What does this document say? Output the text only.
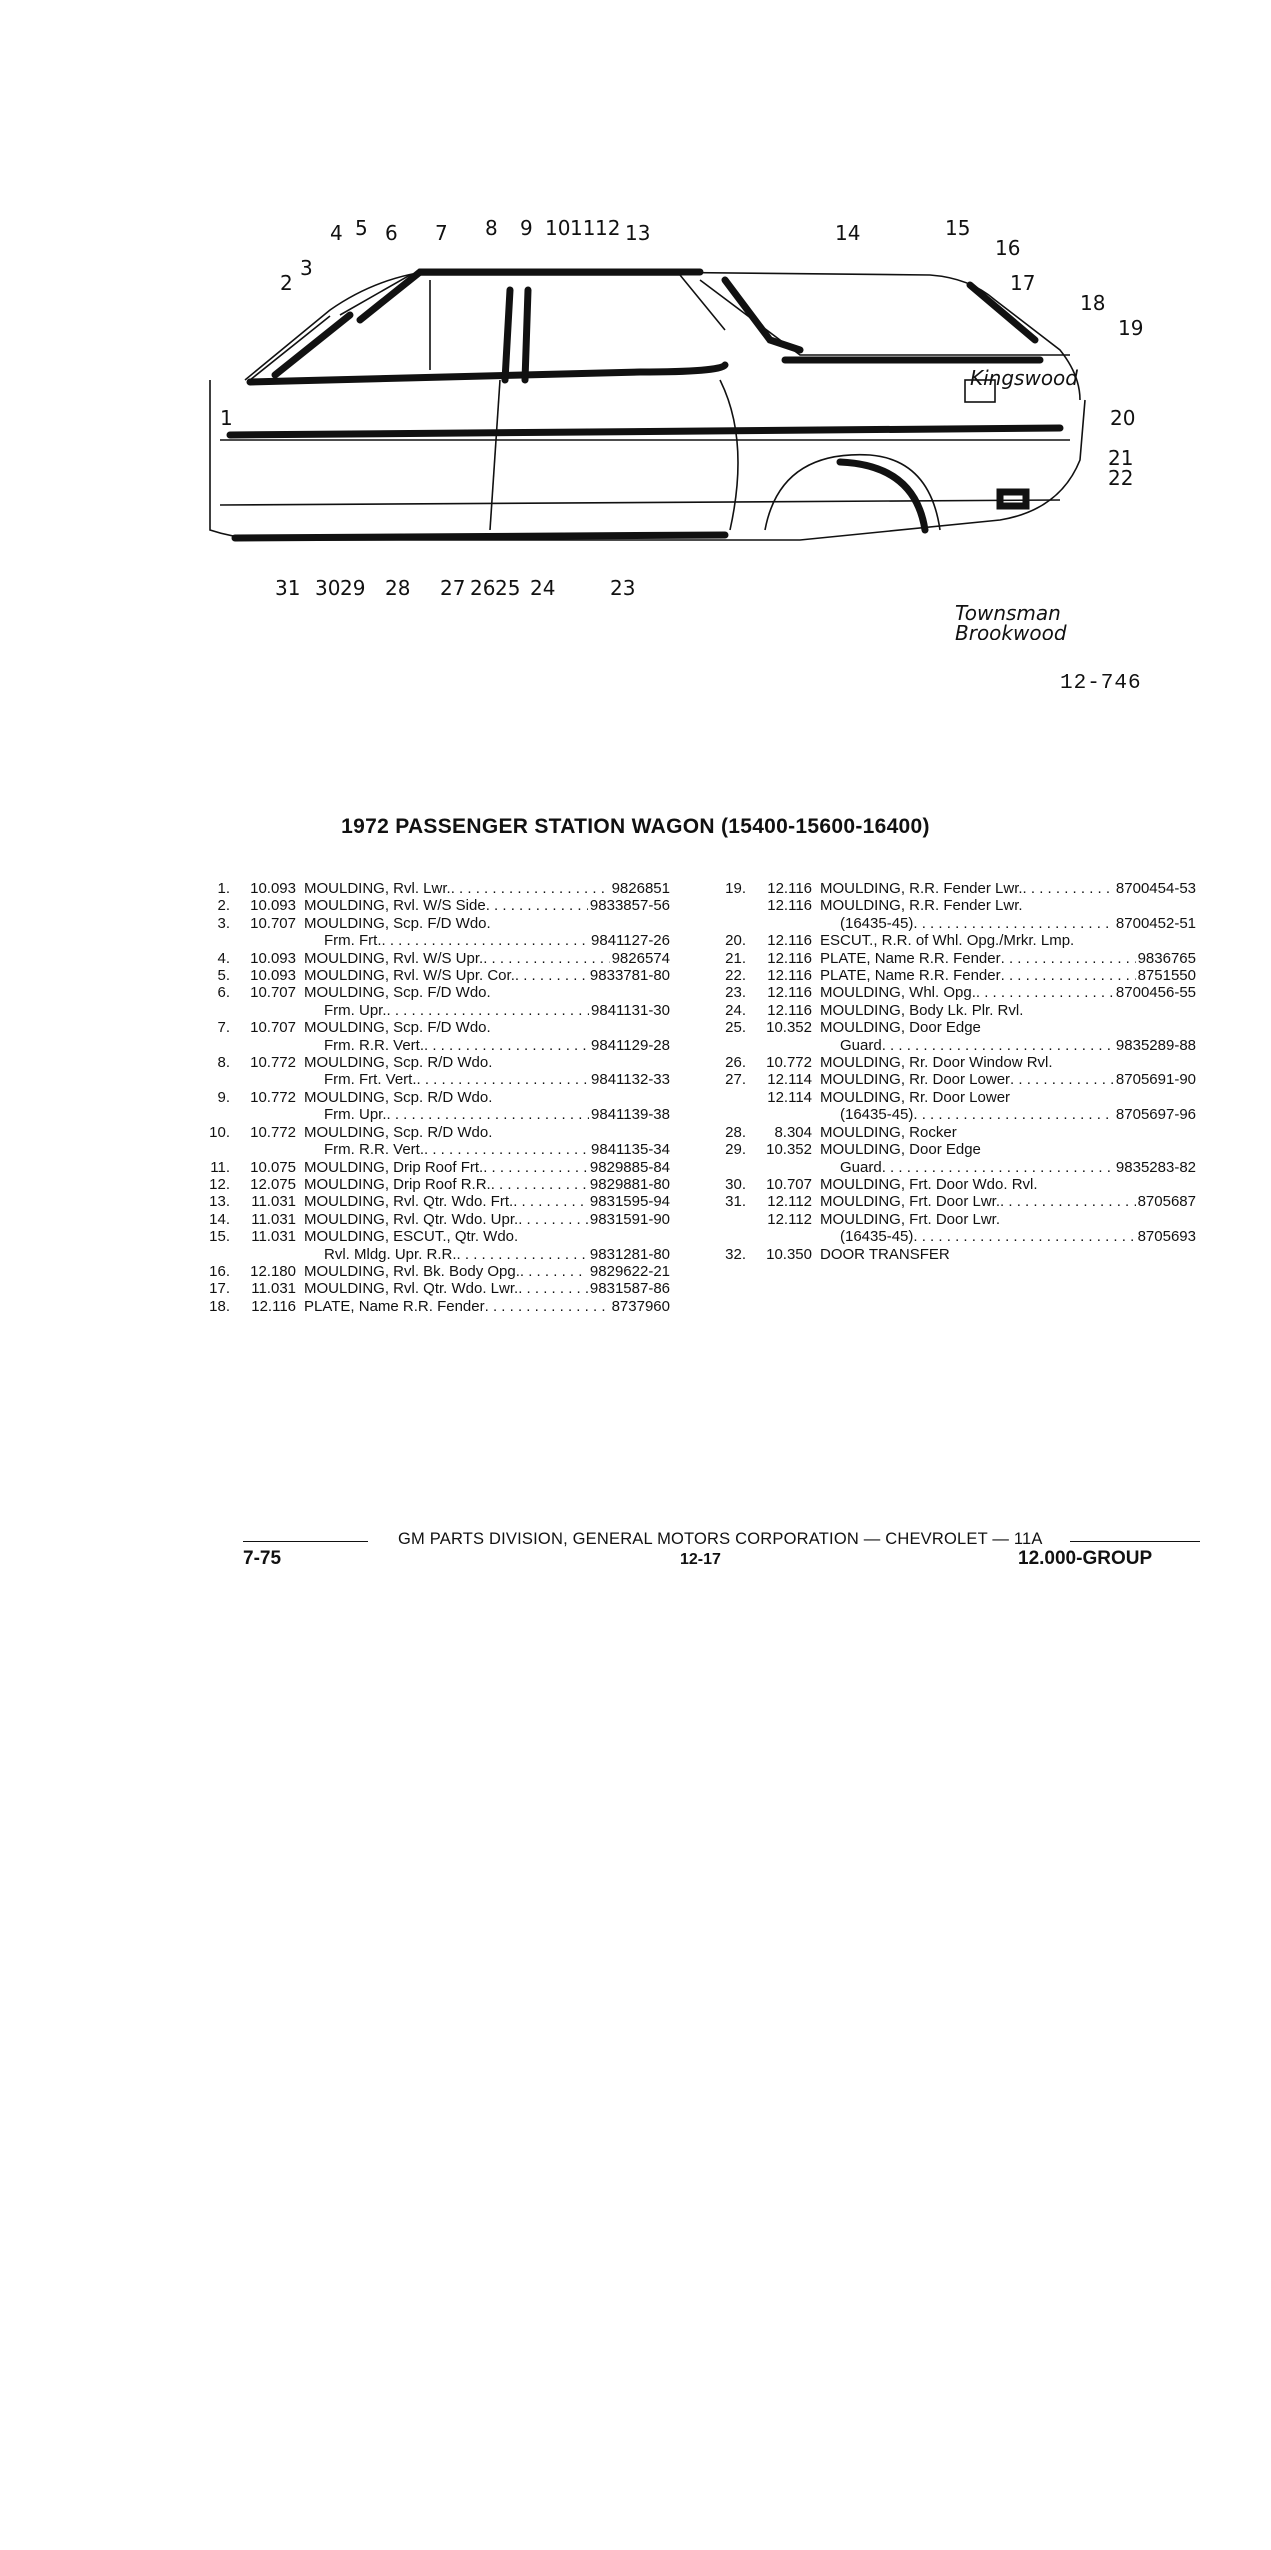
1
2
3
4 5 6 7 8 9 10 11 12 13	14	15
16
17
18
19
20
21
22
23
24
25
26
27
28
29
30
31
Kingswood
Townsman
Brookwood
12-746
1972 PASSENGER STATION WAGON (15400-15600-16400)
1.	10.093 MOULDING, Rvl. Lwr. . . .	9826851
2.	10.093 MOULDING, Rvl. W/S Side . . .	9833857-56
3.	10.707 MOULDING, Scp. F/D Wdo.
Frm. Frt. . . .	9841127-26
4.	10.093 MOULDING, Rvl. W/S Upr. . . .	9826574
5.	10.093 MOULDING, Rvl. W/S Upr. Cor. . . .	9833781-80
6.	10.707 MOULDING, Scp. F/D Wdo.
Frm. Upr. . . .	9841131-30
7.	10.707 MOULDING, Scp. F/D Wdo.
Frm. R.R. Vert. . . .	9841129-28
8.	10.772 MOULDING, Scp. R/D Wdo.
Frm. Frt. Vert. . . .	9841132-33
9.	10.772 MOULDING, Scp. R/D Wdo.
Frm. Upr. . . .	9841139-38
10.	10.772 MOULDING, Scp. R/D Wdo.
Frm. R.R. Vert. . . .	9841135-34
11.	10.075 MOULDING, Drip Roof Frt. . . .	9829885-84
12.	12.075 MOULDING, Drip Roof R.R. . . .	9829881-80
13.	11.031 MOULDING, Rvl. Qtr. Wdo. Frt. . . .	9831595-94
14.	11.031 MOULDING, Rvl. Qtr. Wdo. Upr. . . .	9831591-90
15.	11.031 MOULDING, ESCUT., Qtr. Wdo.
Rvl. Mldg. Upr. R.R. . . .	9831281-80
16.	12.180 MOULDING, Rvl. Bk. Body Opg. . . .	9829622-21
17.	11.031 MOULDING, Rvl. Qtr. Wdo. Lwr. . . .	9831587-86
18.	12.116 PLATE, Name R.R. Fender . . .	8737960
19.	12.116 MOULDING, R.R. Fender Lwr. . . .	8700454-53
12.116 MOULDING, R.R. Fender Lwr.
(16435-45) . . .	8700452-51
20.	12.116 ESCUT., R.R. of Whl. Opg./Mrkr. Lmp.
21.	12.116 PLATE, Name R.R. Fender . . .	9836765
22.	12.116 PLATE, Name R.R. Fender . . .	8751550
23.	12.116 MOULDING, Whl. Opg. . . .	8700456-55
24.	12.116 MOULDING, Body Lk. Plr. Rvl.
25.	10.352 MOULDING, Door Edge
Guard . . .	9835289-88
26.	10.772 MOULDING, Rr. Door Window Rvl.
27.	12.114 MOULDING, Rr. Door Lower . . .	8705691-90
12.114 MOULDING, Rr. Door Lower
(16435-45) . . .	8705697-96
28.	8.304 MOULDING, Rocker
29.	10.352 MOULDING, Door Edge
Guard . . .	9835283-82
30.	10.707 MOULDING, Frt. Door Wdo. Rvl.
31.	12.112 MOULDING, Frt. Door Lwr. . . .	8705687
12.112 MOULDING, Frt. Door Lwr.
(16435-45) . . .	8705693
32.	10.350 DOOR TRANSFER
GM PARTS DIVISION, GENERAL MOTORS CORPORATION — CHEVROLET — 11A
7-75	12-17	12.000-GROUP
